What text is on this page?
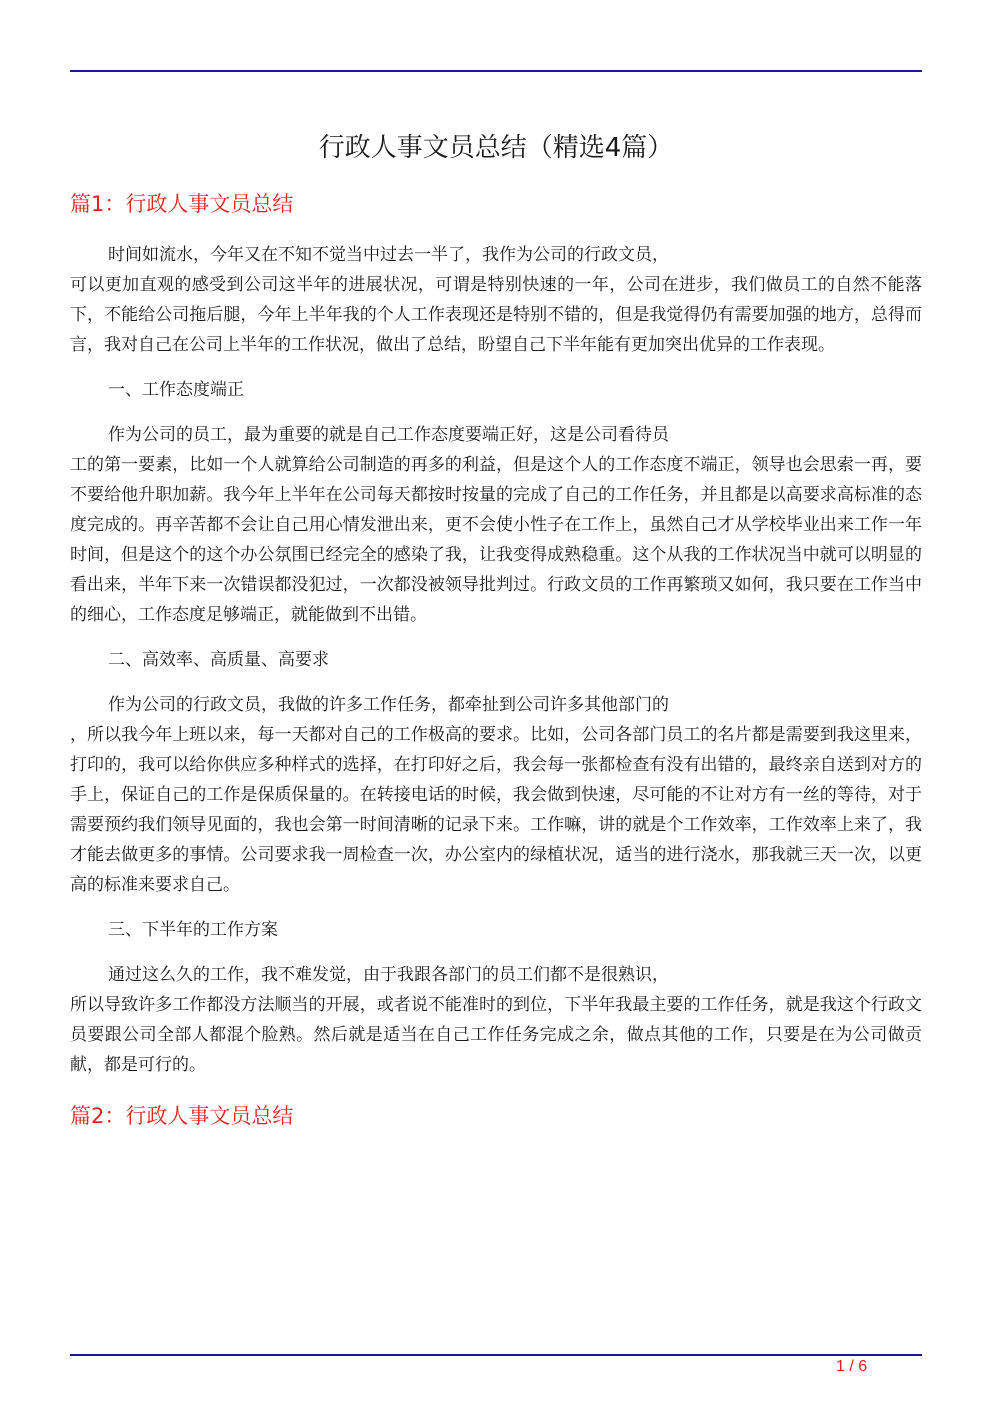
行政人事文员总结（精选4篇）
篇1：行政人事文员总结

时间如流水，今年又在不知不觉当中过去一半了，我作为公司的行政文员，
可以更加直观的感受到公司这半年的进展状况，可谓是特别快速的一年，公司在进步，我们做员工的自然不能落下，不能给公司拖后腿，今年上半年我的个人工作表现还是特别不错的，但是我觉得仍有需要加强的地方，总得而言，我对自己在公司上半年的工作状况，做出了总结，盼望自己下半年能有更加突出优异的工作表现。

一、工作态度端正

作为公司的员工，最为重要的就是自己工作态度要端正好，这是公司看待员
工的第一要素，比如一个人就算给公司制造的再多的利益，但是这个人的工作态度不端正，领导也会思索一再，要不要给他升职加薪。我今年上半年在公司每天都按时按量的完成了自己的工作任务，并且都是以高要求高标准的态度完成的。再辛苦都不会让自己用心情发泄出来，更不会使小性子在工作上，虽然自己才从学校毕业出来工作一年时间，但是这个的这个办公氛围已经完全的感染了我，让我变得成熟稳重。这个从我的工作状况当中就可以明显的看出来，半年下来一次错误都没犯过，一次都没被领导批判过。行政文员的工作再繁琐又如何，我只要在工作当中的细心，工作态度足够端正，就能做到不出错。

二、高效率、高质量、高要求

作为公司的行政文员，我做的许多工作任务，都牵扯到公司许多其他部门的
，所以我今年上班以来，每一天都对自己的工作极高的要求。比如，公司各部门员工的名片都是需要到我这里来，打印的，我可以给你供应多种样式的选择，在打印好之后，我会每一张都检查有没有出错的，最终亲自送到对方的手上，保证自己的工作是保质保量的。在转接电话的时候，我会做到快速，尽可能的不让对方有一丝的等待，对于需要预约我们领导见面的，我也会第一时间清晰的记录下来。工作嘛，讲的就是个工作效率，工作效率上来了，我才能去做更多的事情。公司要求我一周检查一次，办公室内的绿植状况，适当的进行浇水，那我就三天一次，以更高的标准来要求自己。

三、下半年的工作方案

通过这么久的工作，我不难发觉，由于我跟各部门的员工们都不是很熟识，
所以导致许多工作都没方法顺当的开展，或者说不能准时的到位，下半年我最主要的工作任务，就是我这个行政文员要跟公司全部人都混个脸熟。然后就是适当在自己工作任务完成之余，做点其他的工作，只要是在为公司做贡献，都是可行的。

篇2：行政人事文员总结
1 / 6
